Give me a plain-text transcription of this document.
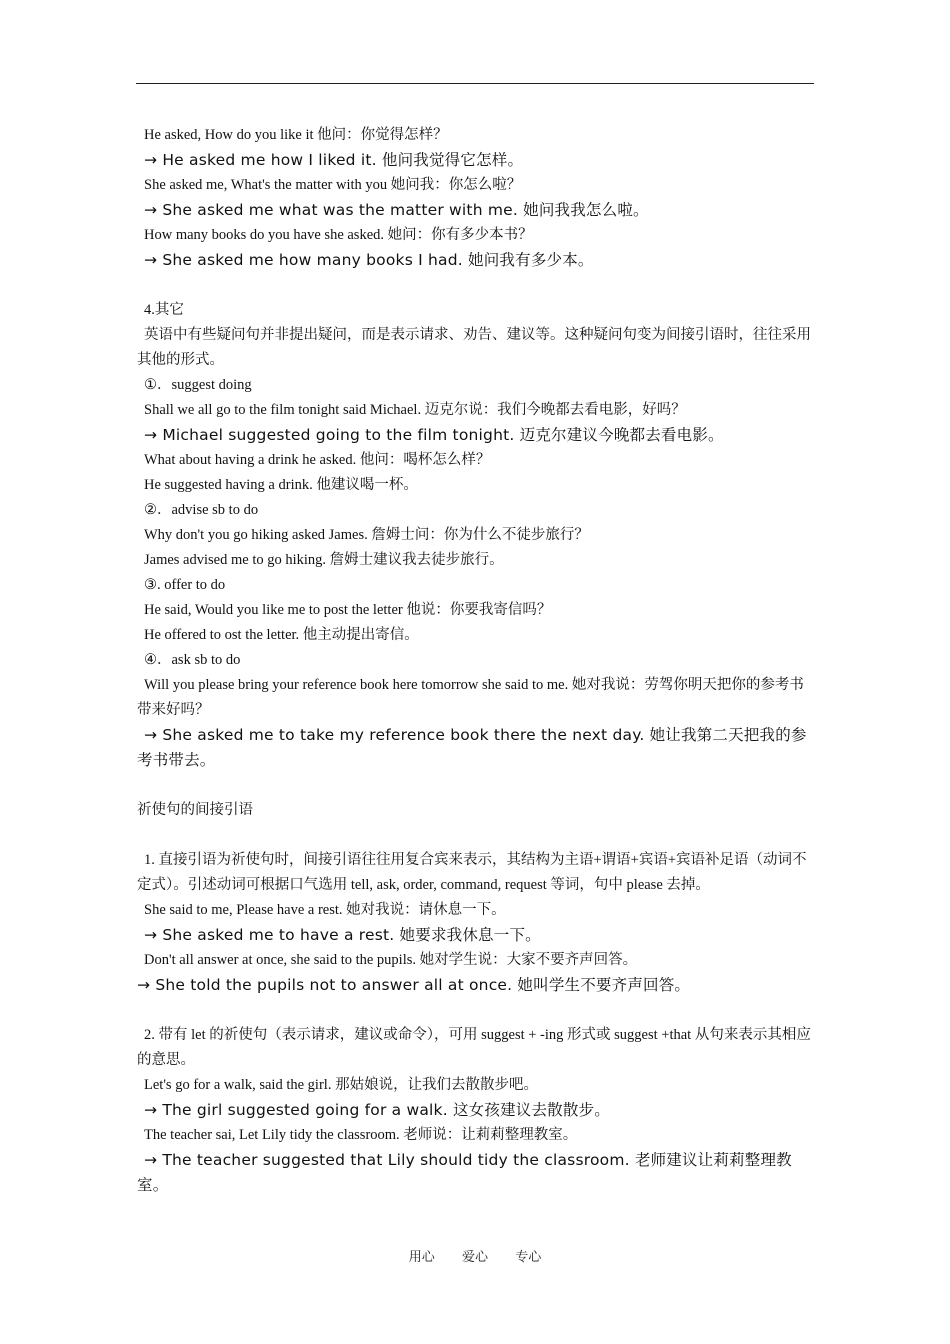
He asked, How do you like it 他问：你觉得怎样？
→ He asked me how I liked it. 他问我觉得它怎样。
She asked me, What's the matter with you 她问我：你怎么啦？
→ She asked me what was the matter with me. 她问我我怎么啦。
How many books do you have she asked. 她问：你有多少本书？
→ She asked me how many books I had. 她问我有多少本。
4.其它
英语中有些疑问句并非提出疑问，而是表示请求、劝告、建议等。这种疑问句变为间接引语时，往往采用其他的形式。
①．suggest doing
Shall we all go to the film tonight said Michael. 迈克尔说：我们今晚都去看电影，好吗？
→ Michael suggested going to the film tonight. 迈克尔建议今晚都去看电影。
What about having a drink he asked. 他问：喝杯怎么样？
He suggested having a drink. 他建议喝一杯。
②．advise sb to do
Why don't you go hiking asked James. 詹姆士问：你为什么不徒步旅行？
James advised me to go hiking. 詹姆士建议我去徒步旅行。
③. offer to do
He said, Would you like me to post the letter 他说：你要我寄信吗？
He offered to ost the letter. 他主动提出寄信。
④．ask sb to do
Will you please bring your reference book here tomorrow she said to me. 她对我说：劳驾你明天把你的参考书带来好吗？
→ She asked me to take my reference book there the next day. 她让我第二天把我的参考书带去。
祈使句的间接引语
1. 直接引语为祈使句时，间接引语往往用复合宾来表示，其结构为主语+谓语+宾语+宾语补足语（动词不定式）。引述动词可根据口气选用 tell, ask, order, command, request 等词，句中 please 去掉。
She said to me, Please have a rest. 她对我说：请休息一下。
→ She asked me to have a rest. 她要求我休息一下。
Don't all answer at once, she said to the pupils. 她对学生说：大家不要齐声回答。
→ She told the pupils not to answer all at once. 她叫学生不要齐声回答。
2. 带有 let 的祈使句（表示请求，建议或命令），可用 suggest + -ing 形式或 suggest +that 从句来表示其相应的意思。
Let's go for a walk, said the girl. 那姑娘说，让我们去散散步吧。
→ The girl suggested going for a walk. 这女孩建议去散散步。
The teacher sai, Let Lily tidy the classroom. 老师说：让莉莉整理教室。
→ The teacher suggested that Lily should tidy the classroom. 老师建议让莉莉整理教室。
用心 爱心 专心
